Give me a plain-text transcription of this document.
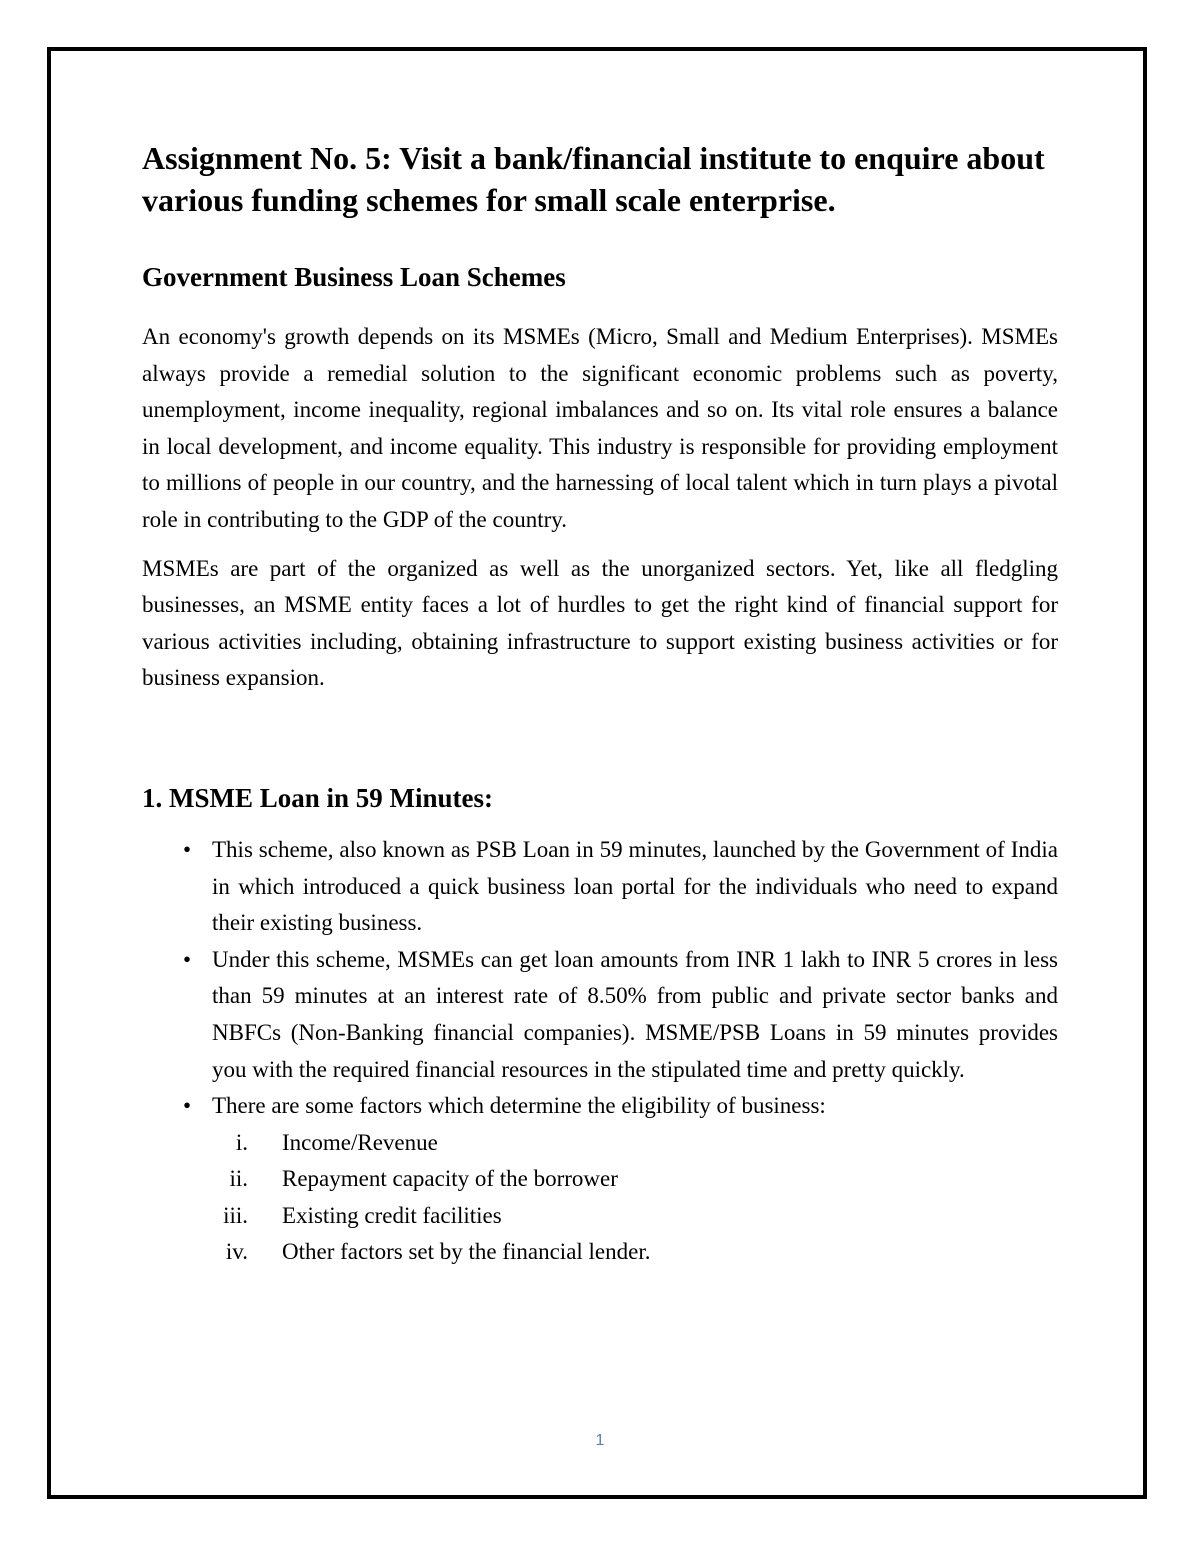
Assignment No. 5: Visit a bank/financial institute to enquire about various funding schemes for small scale enterprise.
Government Business Loan Schemes

An economy's growth depends on its MSMEs (Micro, Small and Medium Enterprises). MSMEs always provide a remedial solution to the significant economic problems such as poverty, unemployment, income inequality, regional imbalances and so on. Its vital role ensures a balance in local development, and income equality. This industry is responsible for providing employment to millions of people in our country, and the harnessing of local talent which in turn plays a pivotal role in contributing to the GDP of the country.

MSMEs are part of the organized as well as the unorganized sectors. Yet, like all fledgling businesses, an MSME entity faces a lot of hurdles to get the right kind of financial support for various activities including, obtaining infrastructure to support existing business activities or for business expansion.

1. MSME Loan in 59 Minutes:
• This scheme, also known as PSB Loan in 59 minutes, launched by the Government of India in which introduced a quick business loan portal for the individuals who need to expand their existing business.
• Under this scheme, MSMEs can get loan amounts from INR 1 lakh to INR 5 crores in less than 59 minutes at an interest rate of 8.50% from public and private sector banks and NBFCs (Non-Banking financial companies). MSME/PSB Loans in 59 minutes provides you with the required financial resources in the stipulated time and pretty quickly.
• There are some factors which determine the eligibility of business:
i. Income/Revenue
ii. Repayment capacity of the borrower
iii. Existing credit facilities
iv. Other factors set by the financial lender.
1
